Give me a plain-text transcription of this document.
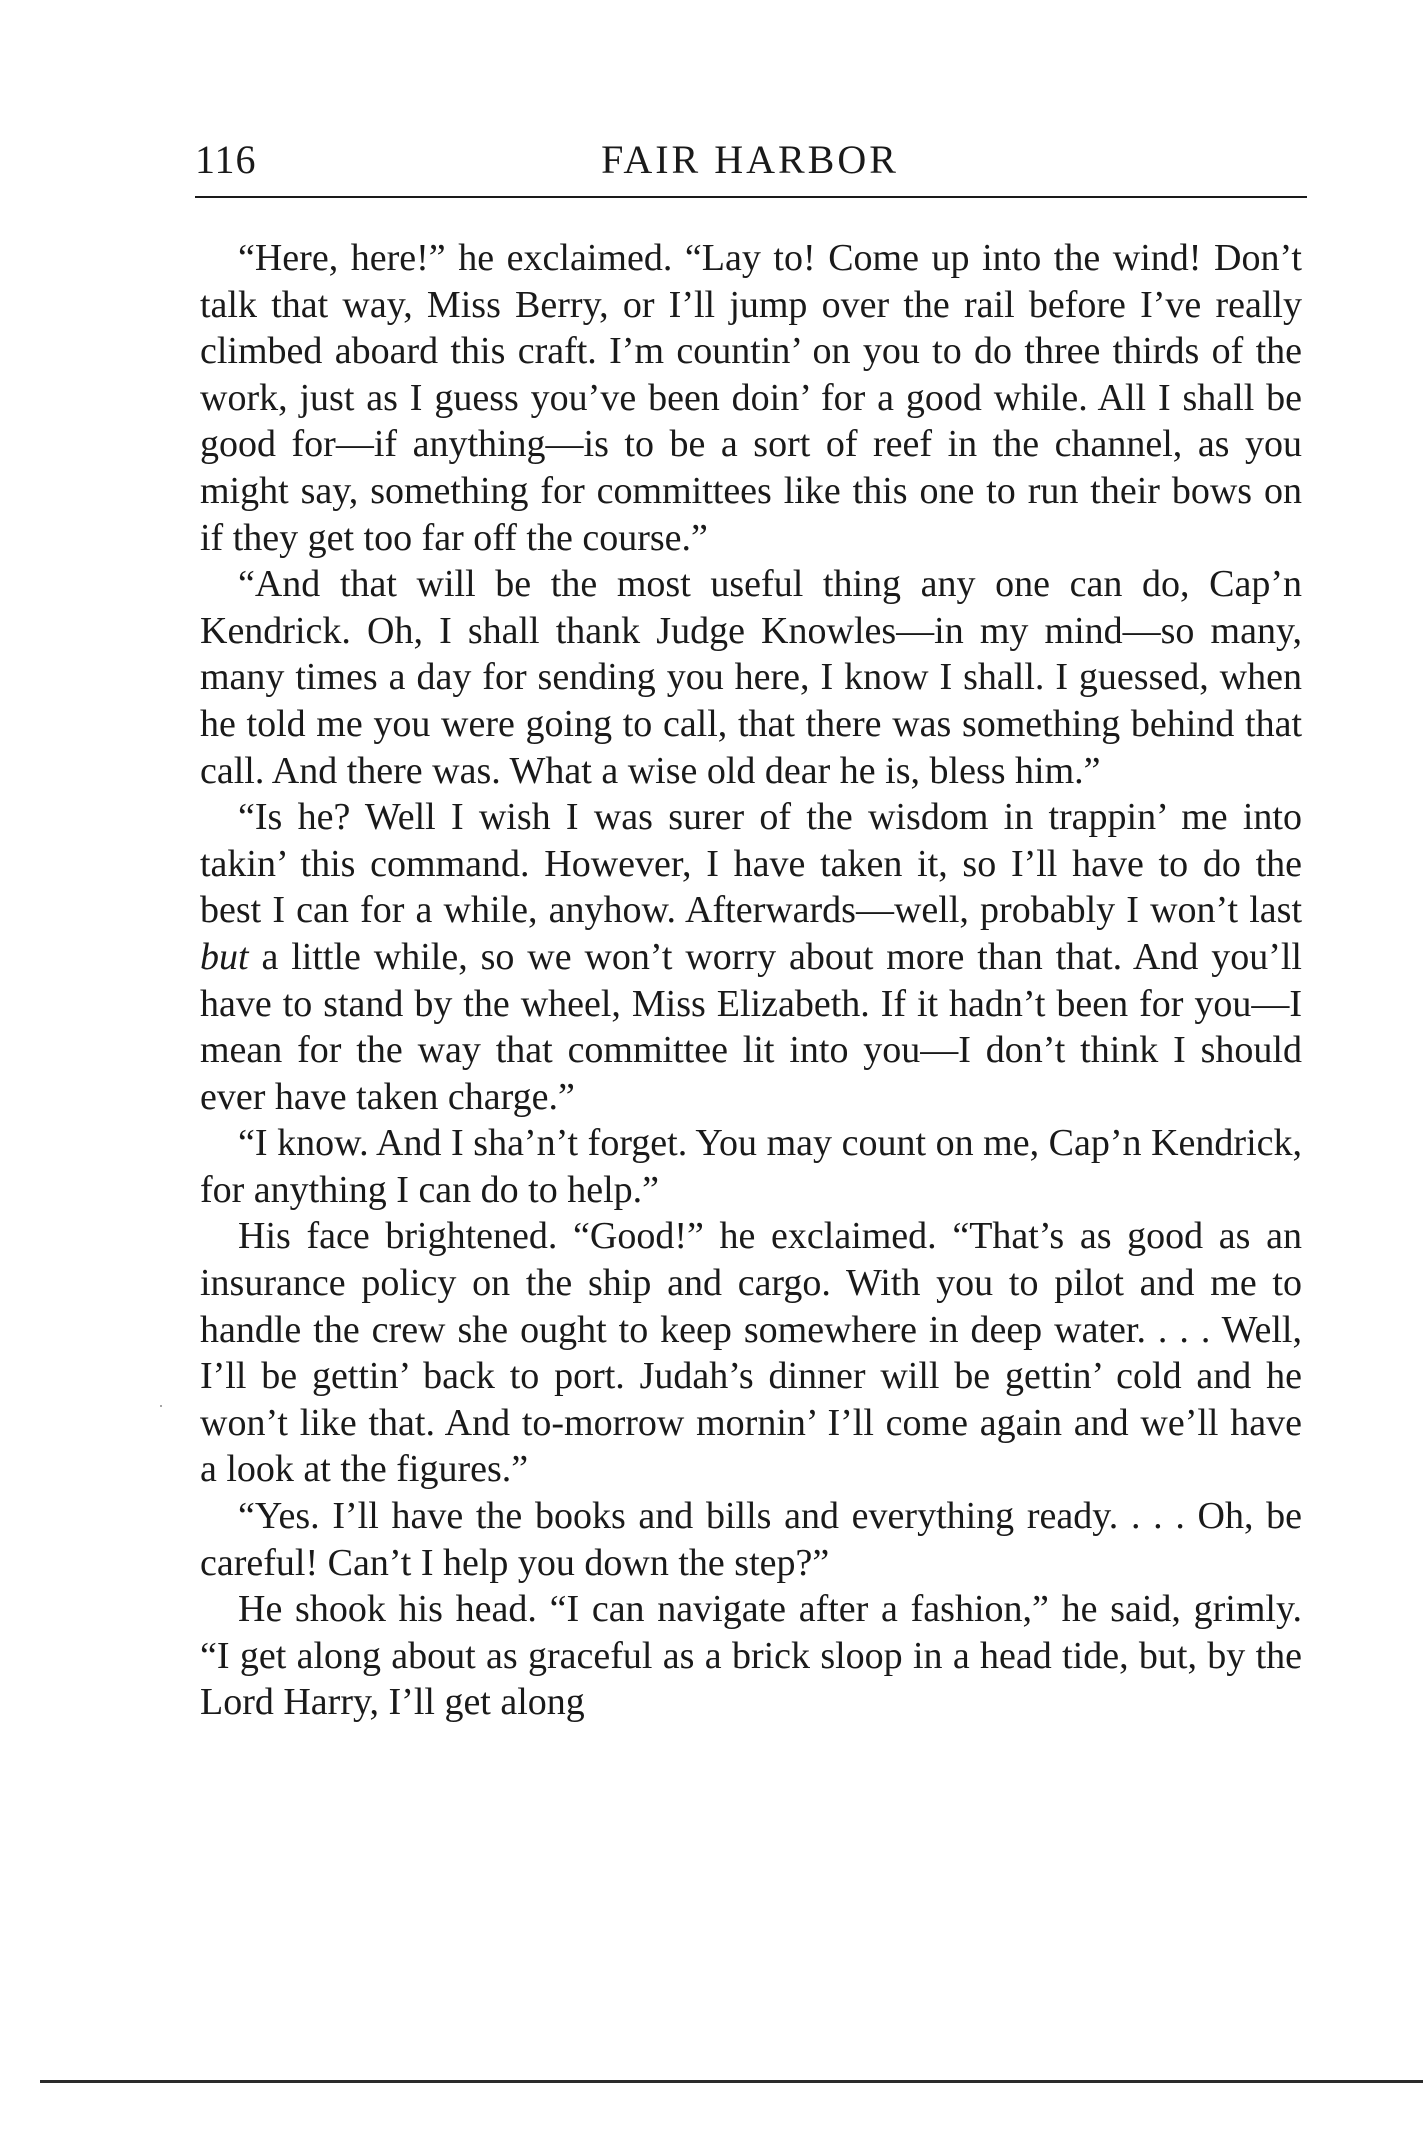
116	FAIR HARBOR

“Here, here!” he exclaimed. “Lay to! Come up into the wind! Don’t talk that way, Miss Berry, or I’ll jump over the rail before I’ve really climbed aboard this craft. I’m countin’ on you to do three thirds of the work, just as I guess you’ve been doin’ for a good while. All I shall be good for—if anything—is to be a sort of reef in the channel, as you might say, something for committees like this one to run their bows on if they get too far off the course.”

“And that will be the most useful thing any one can do, Cap’n Kendrick. Oh, I shall thank Judge Knowles—in my mind—so many, many times a day for sending you here, I know I shall. I guessed, when he told me you were going to call, that there was something behind that call. And there was. What a wise old dear he is, bless him.”

“Is he? Well I wish I was surer of the wisdom in trappin’ me into takin’ this command. However, I have taken it, so I’ll have to do the best I can for a while, anyhow. Afterwards—well, probably I won’t last but a little while, so we won’t worry about more than that. And you’ll have to stand by the wheel, Miss Elizabeth. If it hadn’t been for you—I mean for the way that committee lit into you—I don’t think I should ever have taken charge.”

“I know. And I sha’n’t forget. You may count on me, Cap’n Kendrick, for anything I can do to help.”

His face brightened. “Good!” he exclaimed. “That’s as good as an insurance policy on the ship and cargo. With you to pilot and me to handle the crew she ought to keep somewhere in deep water. . . . Well, I’ll be gettin’ back to port. Judah’s dinner will be gettin’ cold and he won’t like that. And to-morrow mornin’ I’ll come again and we’ll have a look at the figures.”

“Yes. I’ll have the books and bills and everything ready. . . . Oh, be careful! Can’t I help you down the step?”

He shook his head. “I can navigate after a fashion,” he said, grimly. “I get along about as graceful as a brick sloop in a head tide, but, by the Lord Harry, I’ll get along
